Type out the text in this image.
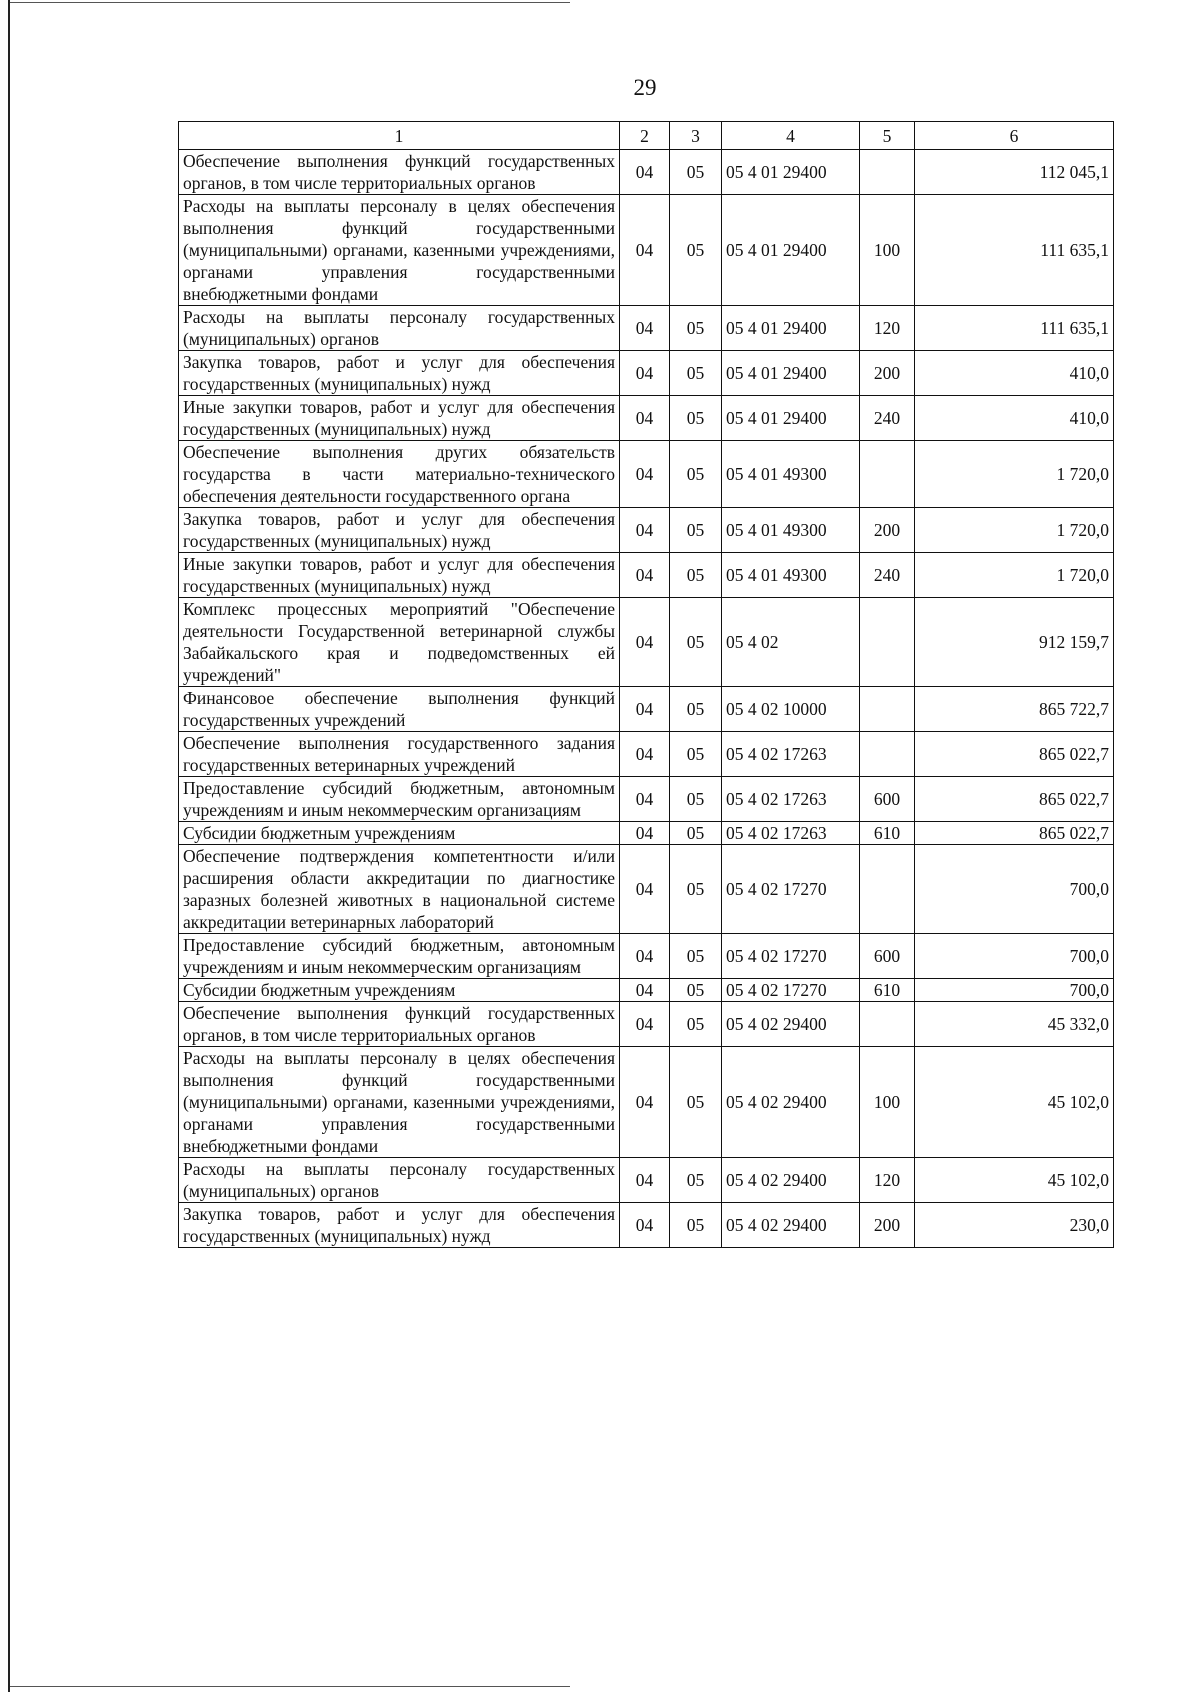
29
1	2	3	4	5	6
Обеспечение выполнения функций государственных органов, в том числе территориальных органов	04	05	05 4 01 29400		112 045,1
Расходы на выплаты персоналу в целях обеспечения выполнения функций государственными (муниципальными) органами, казенными учреждениями, органами управления государственными внебюджетными фондами	04	05	05 4 01 29400	100	111 635,1
Расходы на выплаты персоналу государственных (муниципальных) органов	04	05	05 4 01 29400	120	111 635,1
Закупка товаров, работ и услуг для обеспечения государственных (муниципальных) нужд	04	05	05 4 01 29400	200	410,0
Иные закупки товаров, работ и услуг для обеспечения государственных (муниципальных) нужд	04	05	05 4 01 29400	240	410,0
Обеспечение выполнения других обязательств государства в части материально-технического обеспечения деятельности государственного органа	04	05	05 4 01 49300		1 720,0
Закупка товаров, работ и услуг для обеспечения государственных (муниципальных) нужд	04	05	05 4 01 49300	200	1 720,0
Иные закупки товаров, работ и услуг для обеспечения государственных (муниципальных) нужд	04	05	05 4 01 49300	240	1 720,0
Комплекс процессных мероприятий "Обеспечение деятельности Государственной ветеринарной службы Забайкальского края и подведомственных ей учреждений"	04	05	05 4 02		912 159,7
Финансовое обеспечение выполнения функций государственных учреждений	04	05	05 4 02 10000		865 722,7
Обеспечение выполнения государственного задания государственных ветеринарных учреждений	04	05	05 4 02 17263		865 022,7
Предоставление субсидий бюджетным, автономным учреждениям и иным некоммерческим организациям	04	05	05 4 02 17263	600	865 022,7
Субсидии бюджетным учреждениям	04	05	05 4 02 17263	610	865 022,7
Обеспечение подтверждения компетентности и/или расширения области аккредитации по диагностике заразных болезней животных в национальной системе аккредитации ветеринарных лабораторий	04	05	05 4 02 17270		700,0
Предоставление субсидий бюджетным, автономным учреждениям и иным некоммерческим организациям	04	05	05 4 02 17270	600	700,0
Субсидии бюджетным учреждениям	04	05	05 4 02 17270	610	700,0
Обеспечение выполнения функций государственных органов, в том числе территориальных органов	04	05	05 4 02 29400		45 332,0
Расходы на выплаты персоналу в целях обеспечения выполнения функций государственными (муниципальными) органами, казенными учреждениями, органами управления государственными внебюджетными фондами	04	05	05 4 02 29400	100	45 102,0
Расходы на выплаты персоналу государственных (муниципальных) органов	04	05	05 4 02 29400	120	45 102,0
Закупка товаров, работ и услуг для обеспечения государственных (муниципальных) нужд	04	05	05 4 02 29400	200	230,0
